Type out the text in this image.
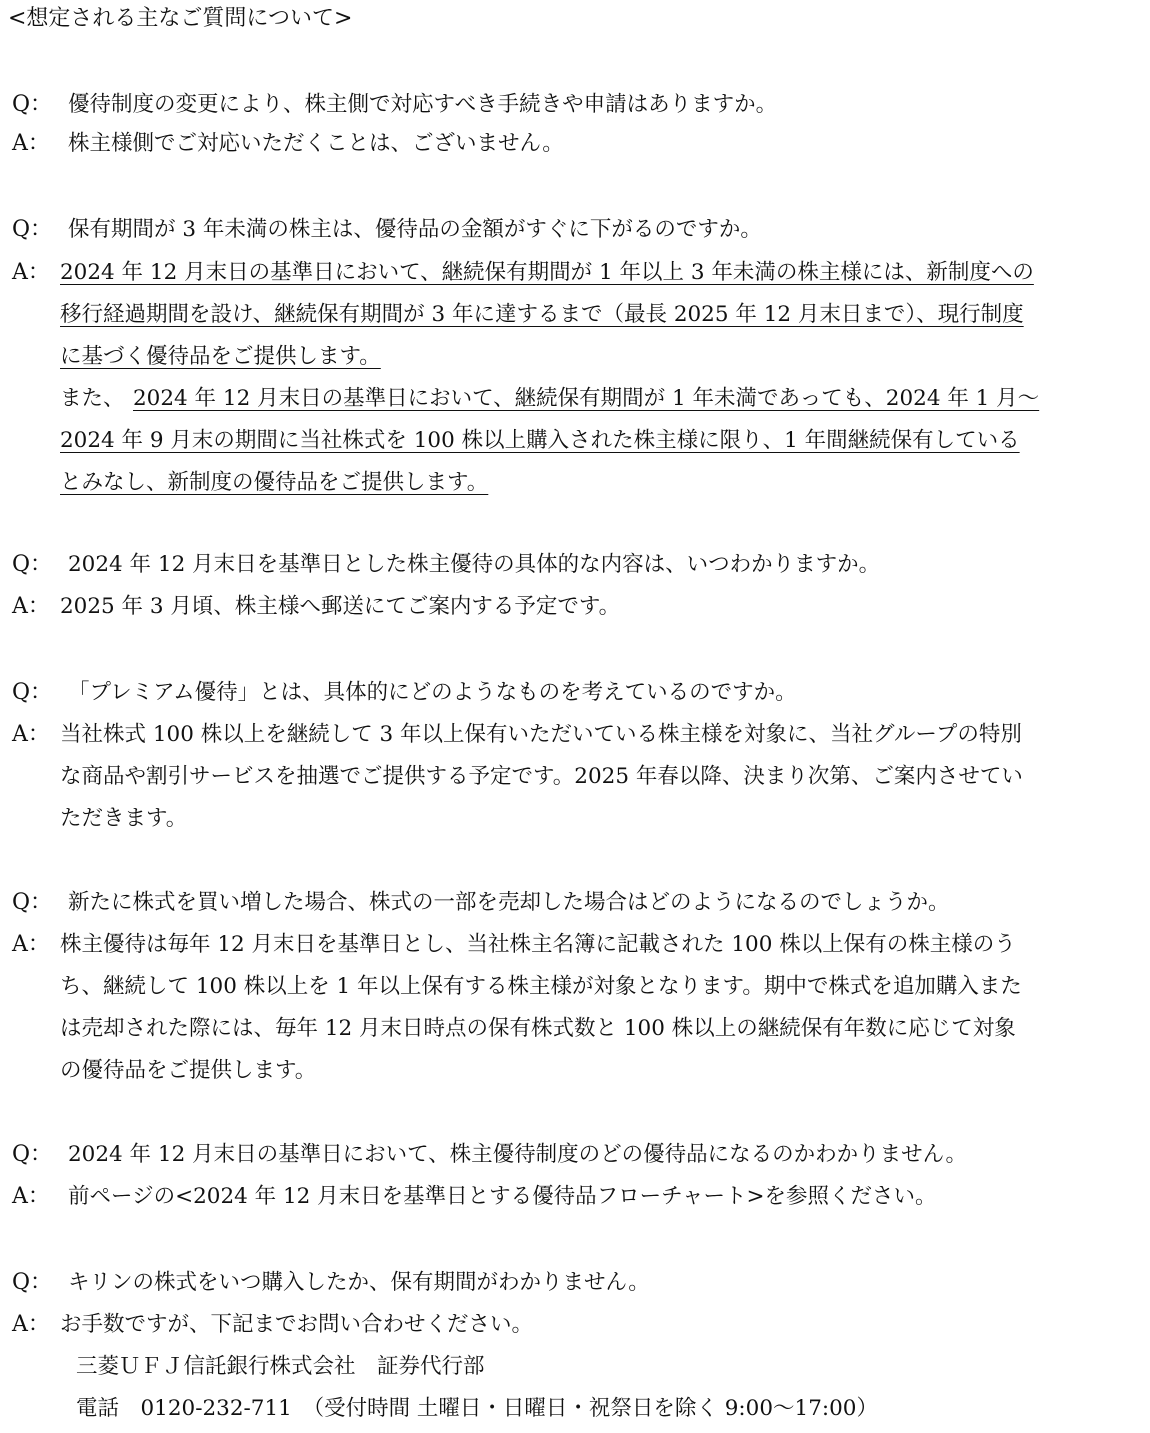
<想定される主なご質問について>
Q： 優待制度の変更により、株主側で対応すべき手続きや申請はありますか。
A： 株主様側でご対応いただくことは、ございません。
Q： 保有期間が 3 年未満の株主は、優待品の金額がすぐに下がるのですか。
A： 2024 年 12 月末日の基準日において、継続保有期間が 1 年以上 3 年未満の株主様には、新制度への
移行経過期間を設け、継続保有期間が 3 年に達するまで（最長 2025 年 12 月末日まで）、現行制度
に基づく優待品をご提供します。
また、 2024 年 12 月末日の基準日において、継続保有期間が 1 年未満であっても、2024 年 1 月～
2024 年 9 月末の期間に当社株式を 100 株以上購入された株主様に限り、1 年間継続保有している
とみなし、新制度の優待品をご提供します。
Q： 2024 年 12 月末日を基準日とした株主優待の具体的な内容は、いつわかりますか。
A： 2025 年 3 月頃、株主様へ郵送にてご案内する予定です。
Q： 「プレミアム優待」とは、具体的にどのようなものを考えているのですか。
A： 当社株式 100 株以上を継続して 3 年以上保有いただいている株主様を対象に、当社グループの特別
な商品や割引サービスを抽選でご提供する予定です。2025 年春以降、決まり次第、ご案内させてい
ただきます。
Q： 新たに株式を買い増した場合、株式の一部を売却した場合はどのようになるのでしょうか。
A： 株主優待は毎年 12 月末日を基準日とし、当社株主名簿に記載された 100 株以上保有の株主様のう
ち、継続して 100 株以上を 1 年以上保有する株主様が対象となります。期中で株式を追加購入また
は売却された際には、毎年 12 月末日時点の保有株式数と 100 株以上の継続保有年数に応じて対象
の優待品をご提供します。
Q： 2024 年 12 月末日の基準日において、株主優待制度のどの優待品になるのかわかりません。
A： 前ページの<2024 年 12 月末日を基準日とする優待品フローチャート>を参照ください。
Q： キリンの株式をいつ購入したか、保有期間がわかりません。
A： お手数ですが、下記までお問い合わせください。
三菱ＵＦＪ信託銀行株式会社　証券代行部
電話　0120-232-711　（受付時間 土曜日・日曜日・祝祭日を除く 9:00～17:00）
